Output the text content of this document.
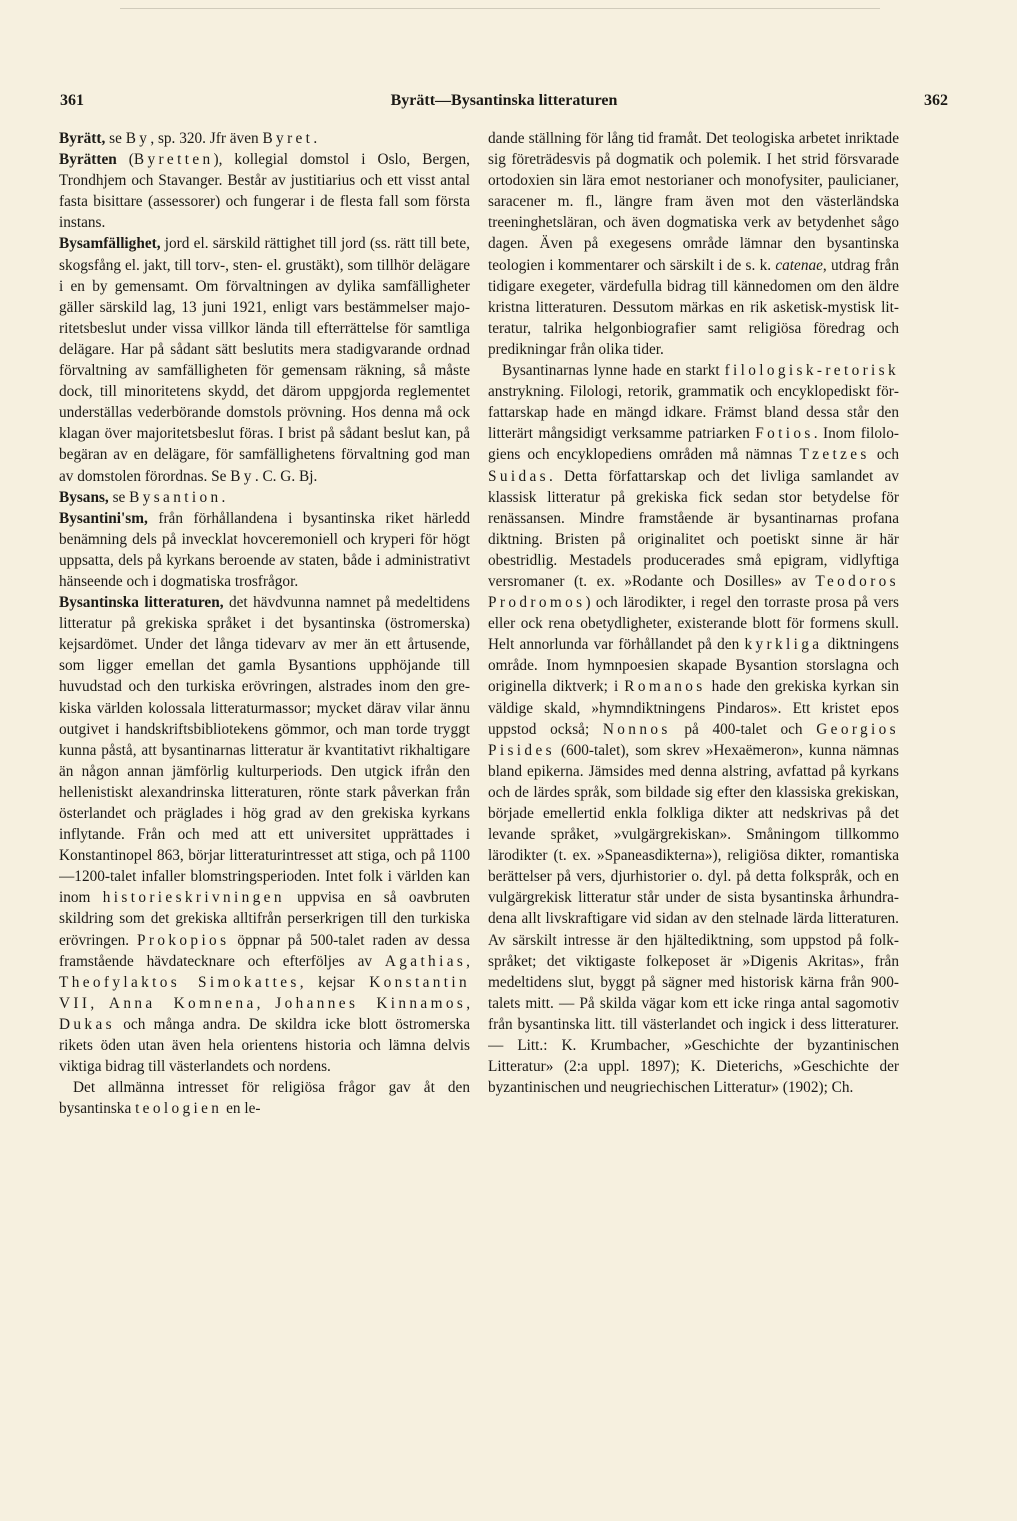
361	Byrätt—Bysantinska litteraturen	362

Byrätt, se By, sp. 320. Jfr även Byret.

Byrätten (Byretten), kollegial domstol i Oslo, Bergen, Trondhjem och Stavanger. Består av justitiarius och ett visst antal fasta bisittare (assessorer) och fungerar i de flesta fall som första instans.

Bysamfällighet, jord el. särskild rättighet till jord (ss. rätt till bete, skogsfång el. jakt, till torv-, sten- el. grustäkt), som tillhör delägare i en by gemensamt. Om förvaltningen av dylika samfälligheter gäller särskild lag, 13 juni 1921, enligt vars bestämmelser majoritetsbeslut under vissa villkor lända till efterrättelse för samtliga delägare. Har på sådant sätt beslutits mera stadigvarande ordnad förvaltning av samfälligheten för gemensam räkning, så måste dock, till minoritetens skydd, det därom uppgjorda reglementet underställas vederbörande domstols prövning. Hos denna må ock klagan över majoritetsbeslut föras. I brist på sådant beslut kan, på begäran av en delägare, för samfällighetens förvaltning god man av domstolen förordnas. Se By. C. G. Bj.

Bysans, se Bysantion.

Bysantini'sm, från förhållandena i bysantinska riket härledd benämning dels på invecklat hovceremoniell och kryperi för högt uppsatta, dels på kyrkans beroende av staten, både i administrativt hänseende och i dogmatiska trosfrågor.

Bysantinska litteraturen, det hävdvunna namnet på medeltidens litteratur på grekiska språket i det bysantinska (östromerska) kejsardömet. Under det långa tidevarv av mer än ett årtusende, som ligger emellan det gamla Bysantions upphöjande till huvudstad och den turkiska erövringen, alstrades inom den grekiska världen kolossala litteraturmassor; mycket därav vilar ännu outgivet i handskriftsbibliotekens gömmor, och man torde tryggt kunna påstå, att bysantinarnas litteratur är kvantitativt rikhaltigare än någon annan jämförlig kulturperiods. Den utgick ifrån den hellenistiskt alexandrinska litteraturen, rönte stark påverkan från österlandet och präglades i hög grad av den grekiska kyrkans inflytande. Från och med att ett universitet upprättades i Konstantinopel 863, börjar litteraturintresset att stiga, och på 1100—1200-talet infaller blomstringsperioden. Intet folk i världen kan inom historieskrivningen uppvisa en så oavbruten skildring som det grekiska alltifrån perserkrigen till den turkiska erövringen. Prokopios öppnar på 500-talet raden av dessa framstående hävdatecknare och efterföljes av Agathias, Theofylaktos Simokattes, kejsar Konstantin VII, Anna Komnena, Johannes Kinnamos, Dukas och många andra. De skildra icke blott östromerska rikets öden utan även hela orientens historia och lämna delvis viktiga bidrag till västerlandets och nordens.

Det allmänna intresset för religiösa frågor gav åt den bysantinska teologien en le-

dande ställning för lång tid framåt. Det teologiska arbetet inriktade sig företrädesvis på dogmatik och polemik. I het strid försvarade ortodoxien sin lära emot nestorianer och monofysiter, paulicianer, saracener m. fl., längre fram även mot den västerländska treeninghetsläran, och även dogmatiska verk av betydenhet sågo dagen. Även på exegesens område lämnar den bysantinska teologien i kommentarer och särskilt i de s. k. catenae, utdrag från tidigare exegeter, värdefulla bidrag till kännedomen om den äldre kristna litteraturen. Dessutom märkas en rik asketisk-mystisk litteratur, talrika helgonbiografier samt religiösa föredrag och predikningar från olika tider.

Bysantinarnas lynne hade en starkt filologisk-retorisk anstrykning. Filologi, retorik, grammatik och encyklopediskt författarskap hade en mängd idkare. Främst bland dessa står den litterärt mångsidigt verksamme patriarken Fotios. Inom filologiens och encyklopediens områden må nämnas Tzetzes och Suidas. Detta författarskap och det livliga samlandet av klassisk litteratur på grekiska fick sedan stor betydelse för renässansen. Mindre framstående är bysantinarnas profana diktning. Bristen på originalitet och poetiskt sinne är här obestridlig. Mestadels producerades små epigram, vidlyftiga versromaner (t. ex. »Rodante och Dosilles» av Teodoros Prodromos) och lärodikter, i regel den torraste prosa på vers eller ock rena obetydligheter, existerande blott för formens skull. Helt annorlunda var förhållandet på den kyrkliga diktningens område. Inom hymnpoesien skapade Bysantion storslagna och originella diktverk; i Romanos hade den grekiska kyrkan sin väldige skald, »hymndiktningens Pindaros». Ett kristet epos uppstod också; Nonnos på 400-talet och Georgios Pisides (600-talet), som skrev »Hexaëmeron», kunna nämnas bland epikerna. Jämsides med denna alstring, avfattad på kyrkans och de lärdes språk, som bildade sig efter den klassiska grekiskan, började emellertid enkla folkliga dikter att nedskrivas på det levande språket, »vulgärgrekiskan». Småningom tillkommo lärodikter (t. ex. »Spaneasdikterna»), religiösa dikter, romantiska berättelser på vers, djurhistorier o. dyl. på detta folkspråk, och en vulgärgrekisk litteratur står under de sista bysantinska århundradena allt livskraftigare vid sidan av den stelnade lärda litteraturen. Av särskilt intresse är den hjältediktning, som uppstod på folkspråket; det viktigaste folkeposet är »Digenis Akritas», från medeltidens slut, byggt på sägner med historisk kärna från 900-talets mitt. — På skilda vägar kom ett icke ringa antal sagomotiv från bysantinska litt. till västerlandet och ingick i dess litteraturer. — Litt.: K. Krumbacher, »Geschichte der byzantinischen Litteratur» (2:a uppl. 1897); K. Dieterichs, »Geschichte der byzantinischen und neugriechischen Litteratur» (1902); Ch.
